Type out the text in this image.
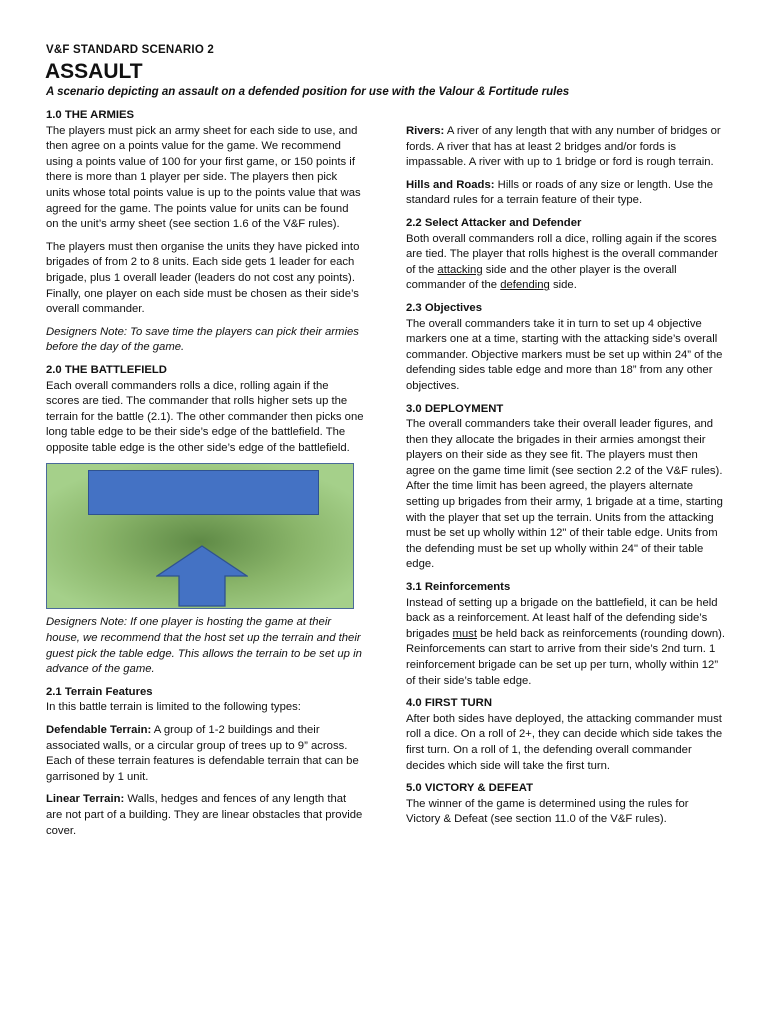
V&F STANDARD SCENARIO 2
ASSAULT
A scenario depicting an assault on a defended position for use with the Valour & Fortitude rules
1.0 THE ARMIES

The players must pick an army sheet for each side to use, and then agree on a points value for the game. We recommend using a points value of 100 for your first game, or 150 points if there is more than 1 player per side. The players then pick units whose total points value is up to the points value that was agreed for the game. The points value for units can be found on the unit’s army sheet (see section 1.6 of the V&F rules).

The players must then organise the units they have picked into brigades of from 2 to 8 units. Each side gets 1 leader for each brigade, plus 1 overall leader (leaders do not cost any points). Finally, one player on each side must be chosen as their side’s overall commander.

Designers Note: To save time the players can pick their armies before the day of the game.

2.0 THE BATTLEFIELD

Each overall commanders rolls a dice, rolling again if the scores are tied. The commander that rolls higher sets up the terrain for the battle (2.1). The other commander then picks one long table edge to be their side’s edge of the battlefield. The opposite table edge is the other side’s edge of the battlefield.

Designers Note: If one player is hosting the game at their house, we recommend that the host set up the terrain and their guest pick the table edge. This allows the terrain to be set up in advance of the game.

2.1 Terrain Features

In this battle terrain is limited to the following types:

Defendable Terrain: A group of 1-2 buildings and their associated walls, or a circular group of trees up to 9” across. Each of these terrain features is defendable terrain that can be garrisoned by 1 unit.

Linear Terrain: Walls, hedges and fences of any length that are not part of a building. They are linear obstacles that provide cover.

Rivers: A river of any length that with any number of bridges or fords. A river that has at least 2 bridges and/or fords is impassable. A river with up to 1 bridge or ford is rough terrain.

Hills and Roads: Hills or roads of any size or length. Use the standard rules for a terrain feature of their type.

2.2 Select Attacker and Defender

Both overall commanders roll a dice, rolling again if the scores are tied. The player that rolls highest is the overall commander of the attacking side and the other player is the overall commander of the defending side.

2.3 Objectives

The overall commanders take it in turn to set up 4 objective markers one at a time, starting with the attacking side’s overall commander. Objective markers must be set up within 24” of the defending sides table edge and more than 18” from any other objectives.

3.0 DEPLOYMENT

The overall commanders take their overall leader figures, and then they allocate the brigades in their armies amongst their players on their side as they see fit. The players must then agree on the game time limit (see section 2.2 of the V&F rules). After the time limit has been agreed, the players alternate setting up brigades from their army, 1 brigade at a time, starting with the player that set up the terrain. Units from the attacking must be set up wholly within 12" of their table edge. Units from the defending must be set up wholly within 24" of their table edge.

3.1 Reinforcements

Instead of setting up a brigade on the battlefield, it can be held back as a reinforcement. At least half of the defending side’s brigades must be held back as reinforcements (rounding down). Reinforcements can start to arrive from their side’s 2nd turn. 1 reinforcement brigade can be set up per turn, wholly within 12” of their side’s table edge.

4.0 FIRST TURN

After both sides have deployed, the attacking commander must roll a dice. On a roll of 2+, they can decide which side takes the first turn. On a roll of 1, the defending overall commander decides which side will take the first turn.

5.0 VICTORY & DEFEAT

The winner of the game is determined using the rules for Victory & Defeat (see section 11.0 of the V&F rules).
